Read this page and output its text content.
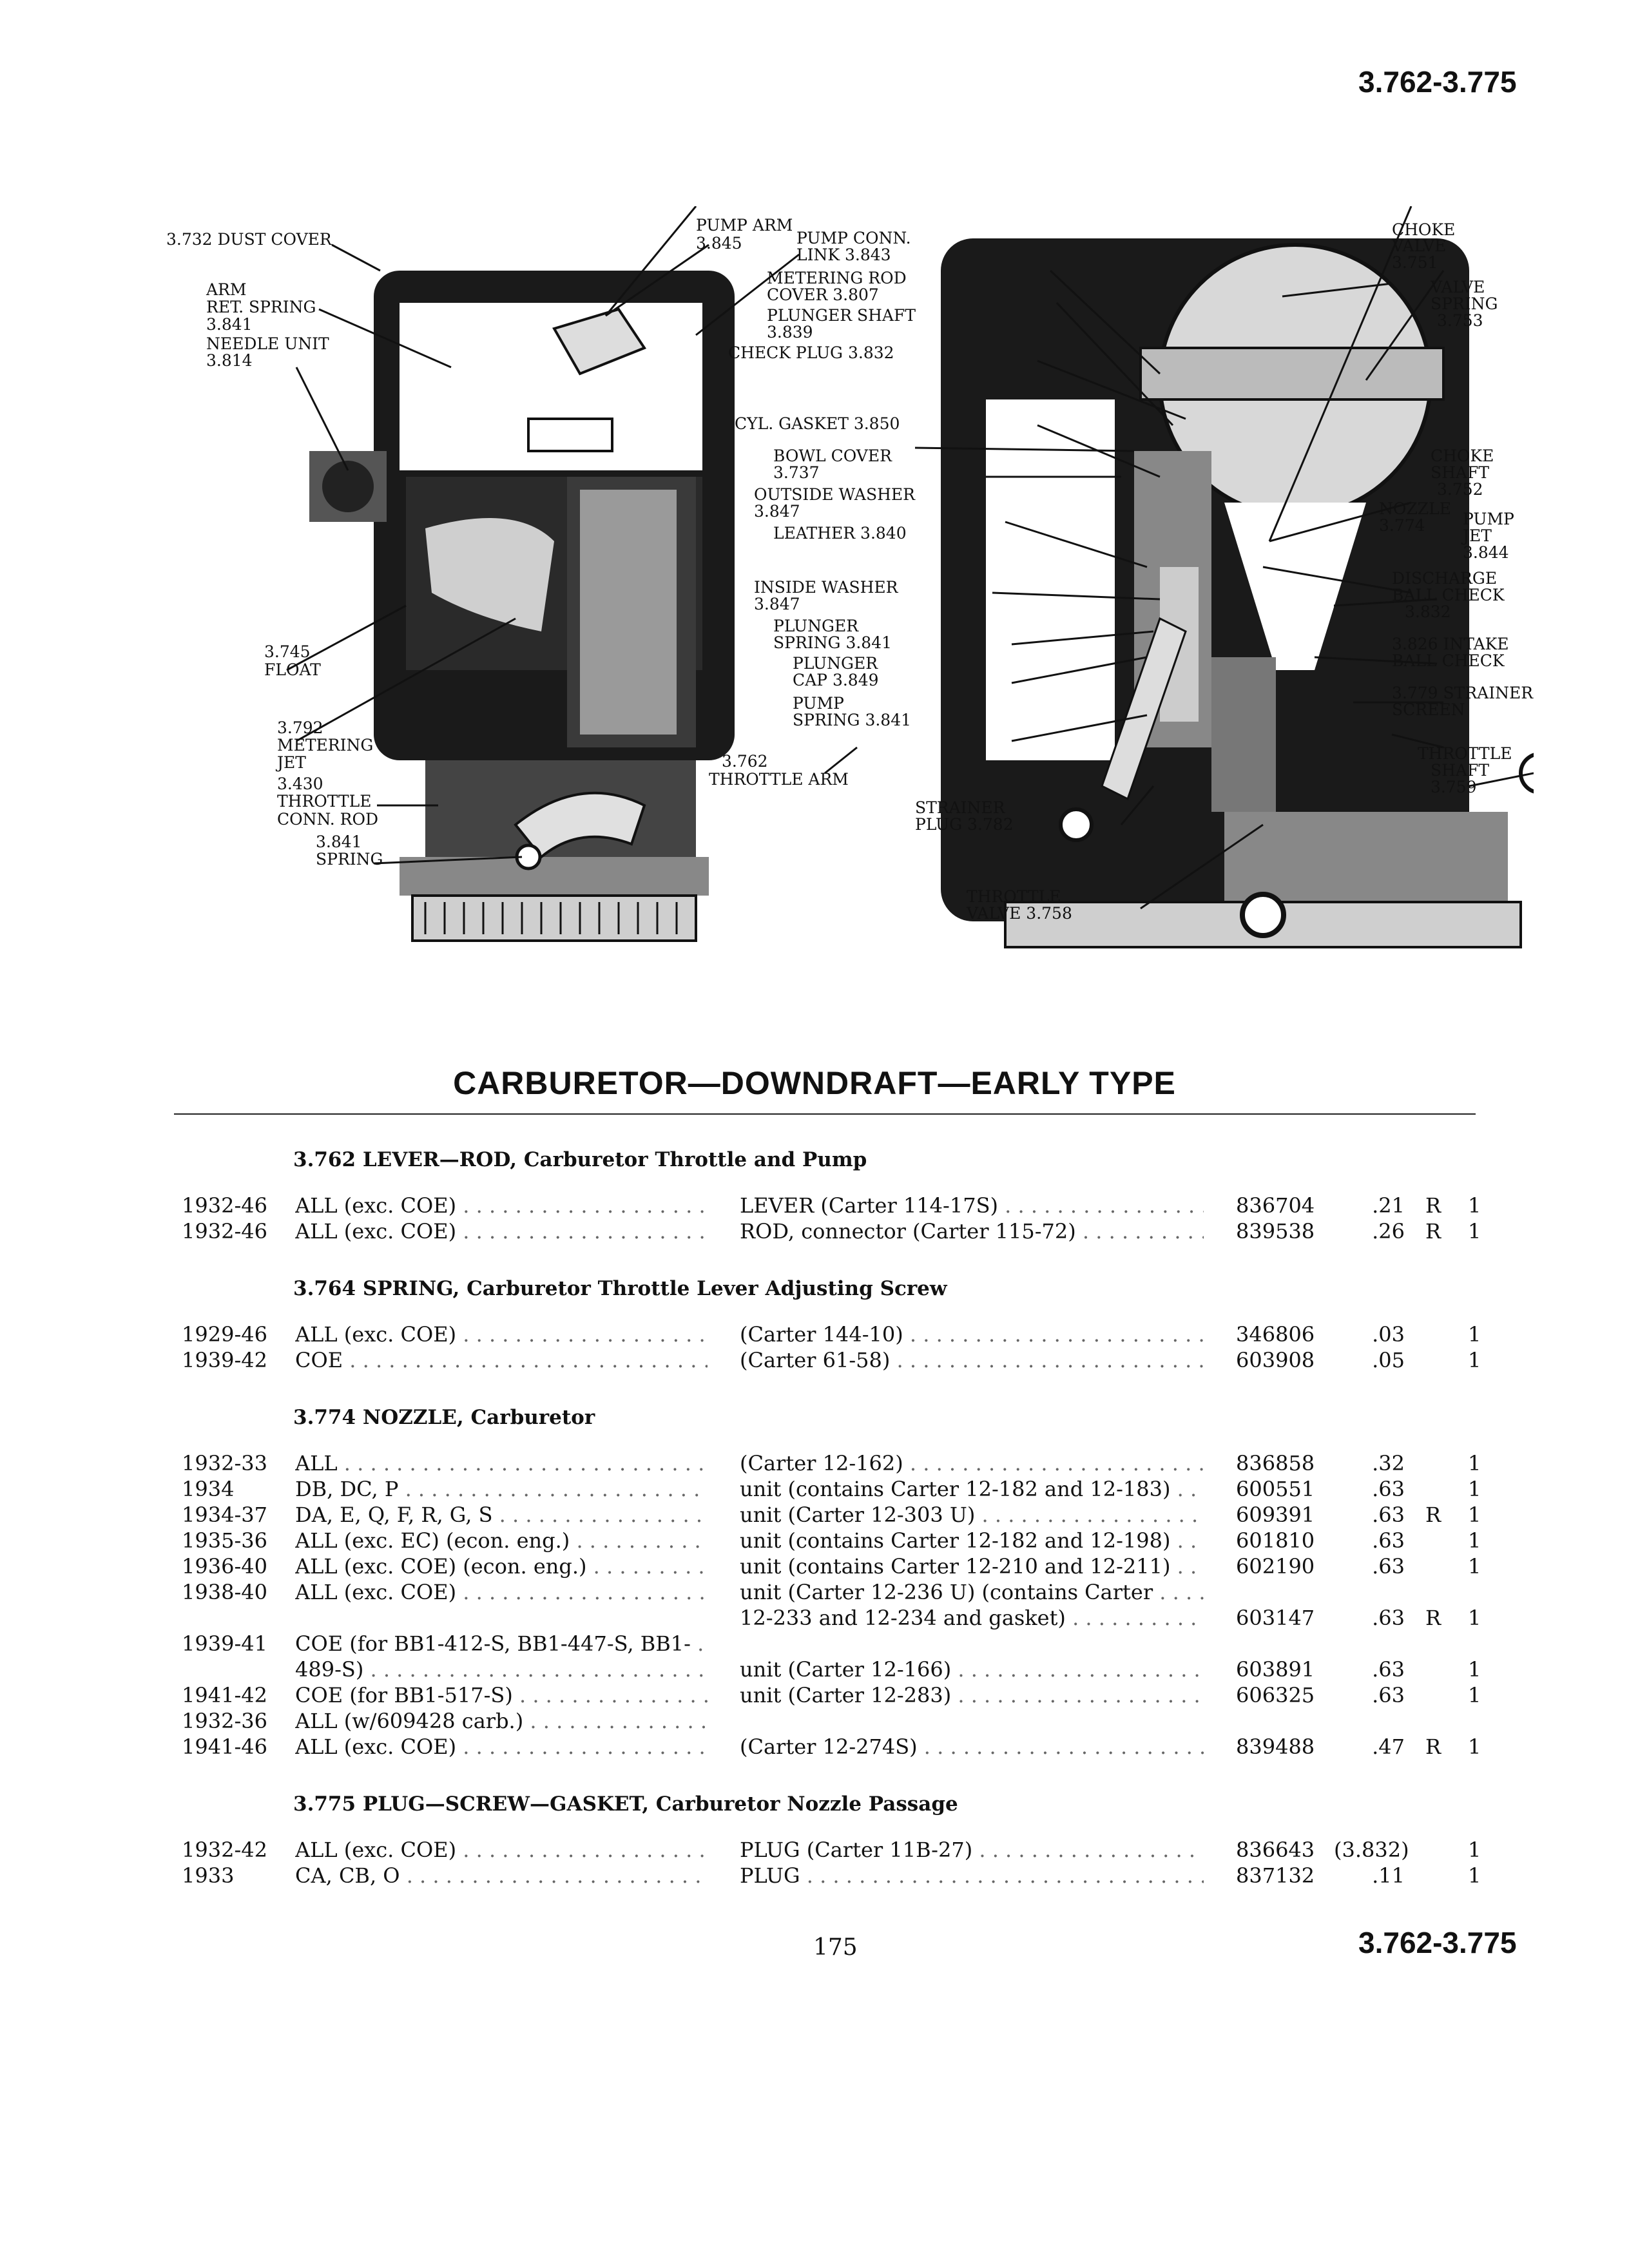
3.762-3.775
3.732 DUST COVER
ARM
RET. SPRING
3.841
NEEDLE UNIT
3.814
3.745
FLOAT
3.792
METERING
JET
3.430
THROTTLE
CONN. ROD
3.841
SPRING
PUMP ARM
3.845	PUMP CONN.
LINK 3.843
METERING ROD
COVER 3.807
PLUNGER SHAFT
3.839
CHECK PLUG 3.832
CYL. GASKET 3.850
BOWL COVER
3.737
OUTSIDE WASHER
3.847
LEATHER 3.840
INSIDE WASHER
3.847
PLUNGER
SPRING 3.841
PLUNGER
CAP 3.849
PUMP
SPRING 3.841
3.762
THROTTLE ARM
STRAINER
PLUG 3.782
THROTTLE
VALVE 3.758
CHOKE
VALVE
3.751
VALVE
SPRING
3.753
CHOKE
SHAFT
3.752
NOZZLE
3.774 PUMP
JET
3.844
DISCHARGE
BALL CHECK
3.832
3.826 INTAKE
BALL CHECK
3.779 STRAINER
SCREEN
THROTTLE
SHAFT
3.759
CARBURETOR—DOWNDRAFT—EARLY TYPE
3.762 LEVER—ROD, Carburetor Throttle and Pump
1932-46 ALL (exc. COE) . . .	LEVER (Carter 114-17S) . . .	836704	.21 R 1
1932-46 ALL (exc. COE) . . .	ROD, connector (Carter 115-72) . . .	839538	.26 R 1
3.764 SPRING, Carburetor Throttle Lever Adjusting Screw
1929-46 ALL (exc. COE) . . .	(Carter 144-10) . . .	346806	.03	1
1939-42 COE . . .	(Carter 61-58) . . .	603908	.05	1
3.774 NOZZLE, Carburetor
1932-33 ALL . . .	(Carter 12-162) . . .	836858	.32	1
1934	DB, DC, P . . .	unit (contains Carter 12-182 and 12-183) . . .	600551	.63	1
1934-37 DA, E, Q, F, R, G, S . . .	unit (Carter 12-303 U) . . .	609391	.63 R 1
1935-36 ALL (exc. EC) (econ. eng.) . . .	unit (contains Carter 12-182 and 12-198) . . .	601810	.63	1
1936-40 ALL (exc. COE) (econ. eng.) . . .	unit (contains Carter 12-210 and 12-211) . . .	602190	.63	1
1938-40 ALL (exc. COE) . . .	unit (Carter 12-236 U) (contains Carter . . .
12-233 and 12-234 and gasket) . . .	603147	.63 R 1
1939-41 COE (for BB1-412-S, BB1-447-S, BB1- . . .
489-S) . . .	unit (Carter 12-166) . . .	603891	.63	1
1941-42 COE (for BB1-517-S) . . .	unit (Carter 12-283) . . .	606325	.63	1
1932-36 ALL (w/609428 carb.) . . .
1941-46 ALL (exc. COE) . . .	(Carter 12-274S) . . .	839488	.47 R 1
3.775 PLUG—SCREW—GASKET, Carburetor Nozzle Passage
1932-42 ALL (exc. COE) . . .	PLUG (Carter 11B-27) . . .	836643 (3.832)	1
1933	CA, CB, O . . .	PLUG . . .	837132	.11	1
175	3.762-3.775
